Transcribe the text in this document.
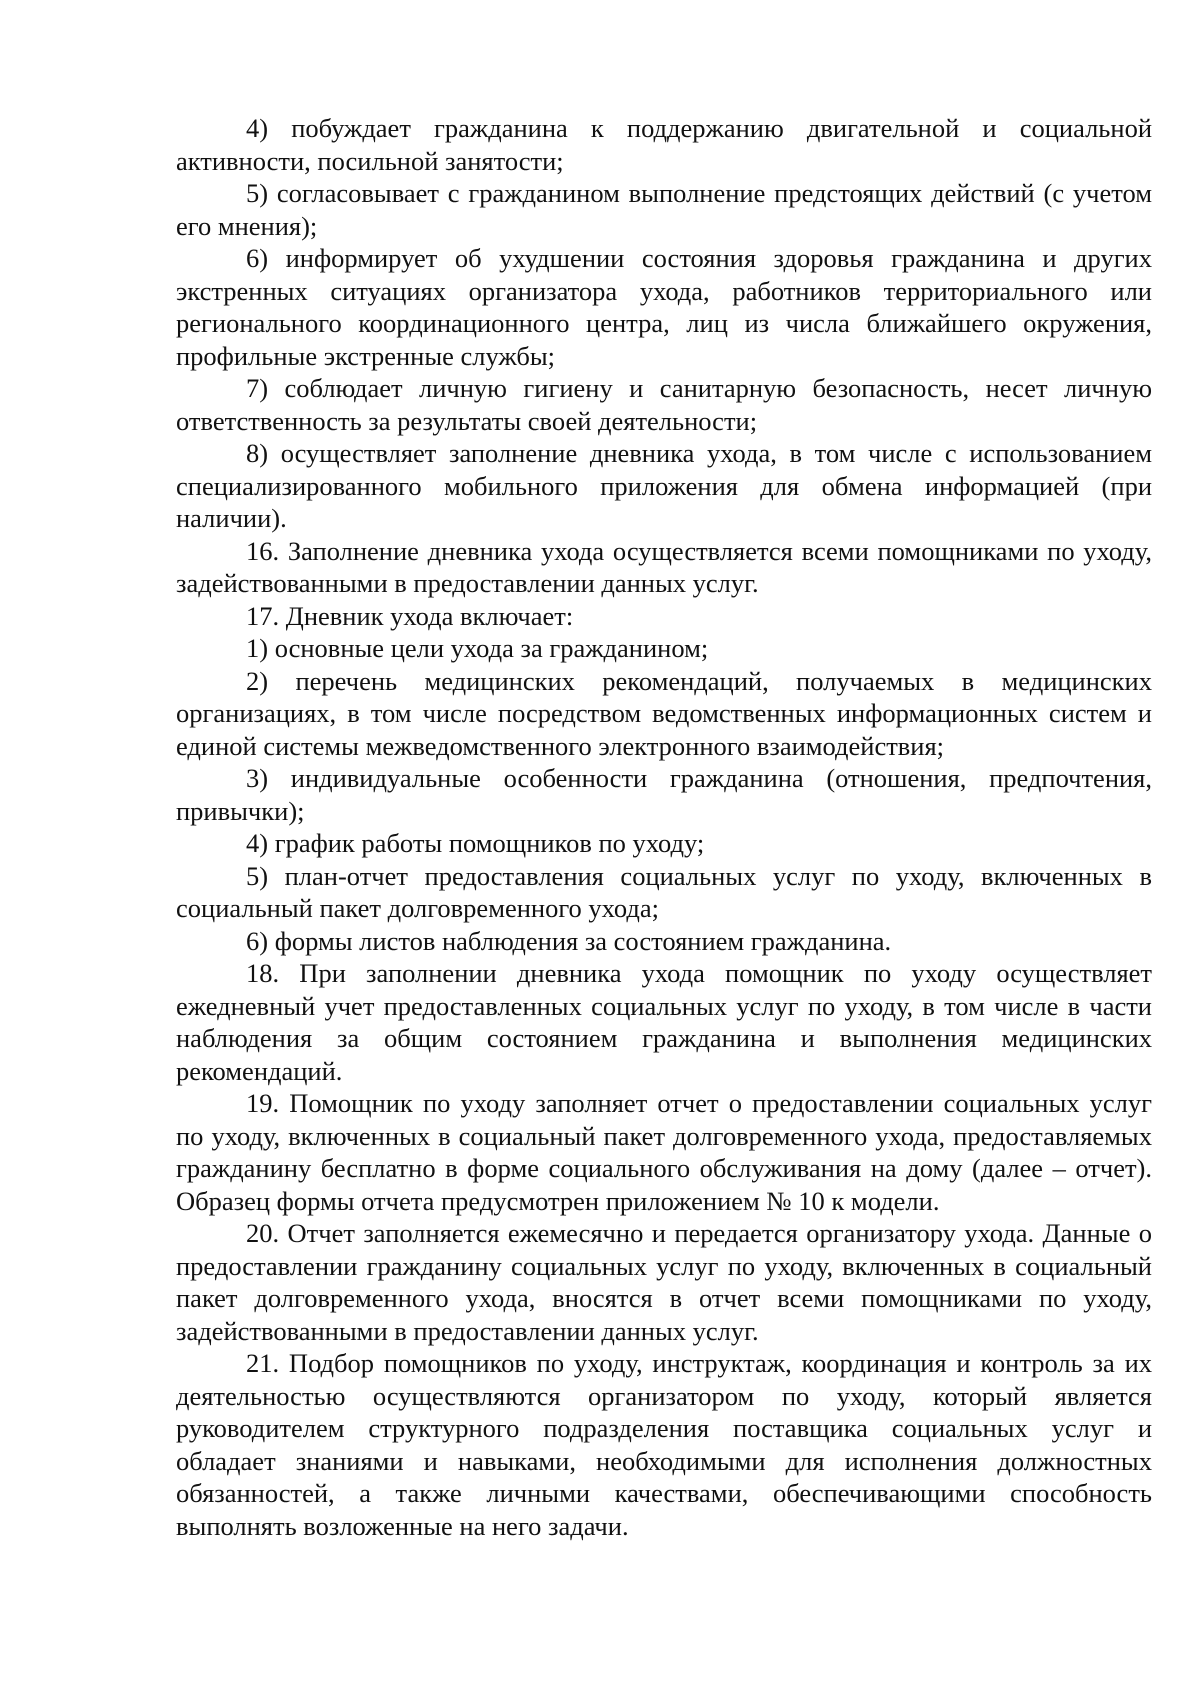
4) побуждает гражданина к поддержанию двигательной и социальной активности, посильной занятости;

5) согласовывает с гражданином выполнение предстоящих действий (с учетом его мнения);

6) информирует об ухудшении состояния здоровья гражданина и других экстренных ситуациях организатора ухода, работников территориального или регионального координационного центра, лиц из числа ближайшего окружения, профильные экстренные службы;

7) соблюдает личную гигиену и санитарную безопасность, несет личную ответственность за результаты своей деятельности;

8) осуществляет заполнение дневника ухода, в том числе с использованием специализированного мобильного приложения для обмена информацией (при наличии).

16. Заполнение дневника ухода осуществляется всеми помощниками по уходу, задействованными в предоставлении данных услуг.

17. Дневник ухода включает:

1) основные цели ухода за гражданином;

2) перечень медицинских рекомендаций, получаемых в медицинских организациях, в том числе посредством ведомственных информационных систем и единой системы межведомственного электронного взаимодействия;

3) индивидуальные особенности гражданина (отношения, предпочтения, привычки);

4) график работы помощников по уходу;

5) план-отчет предоставления социальных услуг по уходу, включенных в социальный пакет долговременного ухода;

6) формы листов наблюдения за состоянием гражданина.

18. При заполнении дневника ухода помощник по уходу осуществляет ежедневный учет предоставленных социальных услуг по уходу, в том числе в части наблюдения за общим состоянием гражданина и выполнения медицинских рекомендаций.

19. Помощник по уходу заполняет отчет о предоставлении социальных услуг по уходу, включенных в социальный пакет долговременного ухода, предоставляемых гражданину бесплатно в форме социального обслуживания на дому (далее – отчет). Образец формы отчета предусмотрен приложением № 10 к модели.

20. Отчет заполняется ежемесячно и передается организатору ухода. Данные о предоставлении гражданину социальных услуг по уходу, включенных в социальный пакет долговременного ухода, вносятся в отчет всеми помощниками по уходу, задействованными в предоставлении данных услуг.

21. Подбор помощников по уходу, инструктаж, координация и контроль за их деятельностью осуществляются организатором по уходу, который является руководителем структурного подразделения поставщика социальных услуг и обладает знаниями и навыками, необходимыми для исполнения должностных обязанностей, а также личными качествами, обеспечивающими способность выполнять возложенные на него задачи.
